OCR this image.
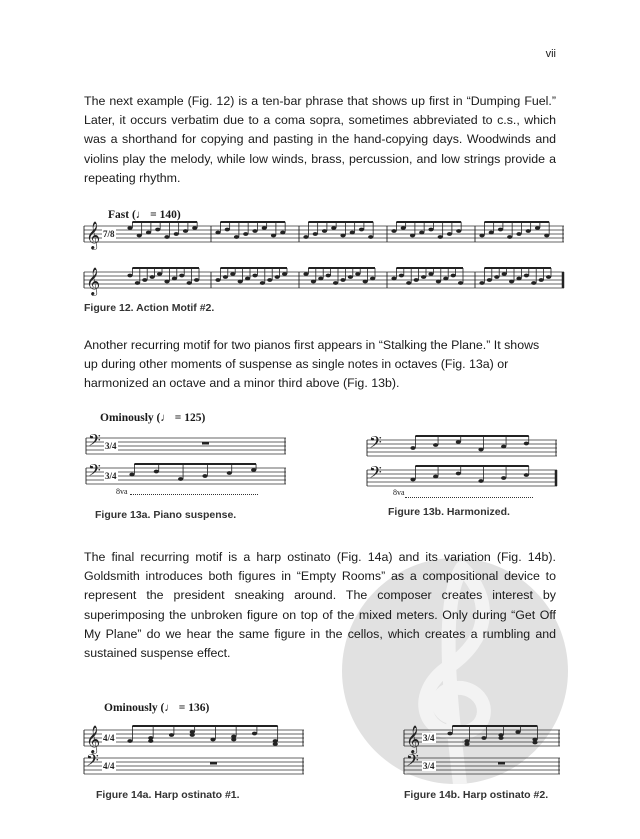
vii
The next example (Fig. 12) is a ten-bar phrase that shows up first in “Dumping Fuel.” Later, it occurs verbatim due to a coma sopra, sometimes abbreviated to c.s., which was a shorthand for copying and pasting in the hand-copying days. Woodwinds and violins play the melody, while low winds, brass, percussion, and low strings provide a repeating rhythm.
Fast (♩ = 140)
𝄞 7/8
𝄞
Figure 12. Action Motif #2.
Another recurring motif for two pianos first appears in “Stalking the Plane.” It shows up during other moments of suspense as single notes in octaves (Fig. 13a) or harmonized an octave and a minor third above (Fig. 13b).
Ominously (♩ = 125)
𝄢 3/4
𝄢 3/4
8va
Figure 13a. Piano suspense.
𝄢
𝄢
8va
Figure 13b. Harmonized.
The final recurring motif is a harp ostinato (Fig. 14a) and its variation (Fig. 14b). Goldsmith introduces both figures in “Empty Rooms” as a compositional device to represent the president sneaking around. The composer creates interest by superimposing the unbroken figure on top of the mixed meters. Only during “Get Off My Plane” do we hear the same figure in the cellos, which creates a rumbling and sustained suspense effect.
Ominously (♩ = 136)
𝄞 4/4
𝄢 4/4
Figure 14a. Harp ostinato #1.
𝄞 3/4
𝄢 3/4
Figure 14b. Harp ostinato #2.
